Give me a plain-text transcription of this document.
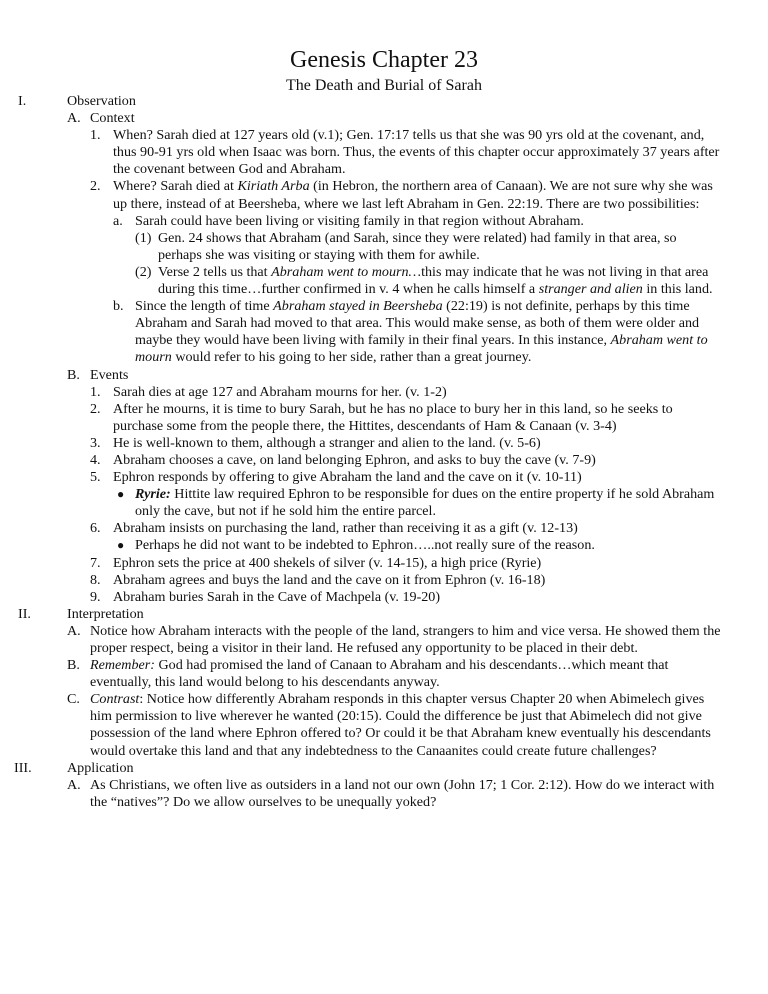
Genesis Chapter 23
The Death and Burial of Sarah
I.	Observation
A. Context
1. When? Sarah died at 127 years old (v.1); Gen. 17:17 tells us that she was 90 yrs old at the covenant, and, thus 90-91 yrs old when Isaac was born. Thus, the events of this chapter occur approximately 37 years after the covenant between God and Abraham.
2. Where? Sarah died at Kiriath Arba (in Hebron, the northern area of Canaan). We are not sure why she was up there, instead of at Beersheba, where we last left Abraham in Gen. 22:19. There are two possibilities:
a. Sarah could have been living or visiting family in that region without Abraham.
(1) Gen. 24 shows that Abraham (and Sarah, since they were related) had family in that area, so perhaps she was visiting or staying with them for awhile.
(2) Verse 2 tells us that Abraham went to mourn…this may indicate that he was not living in that area during this time…further confirmed in v. 4 when he calls himself a stranger and alien in this land.
b. Since the length of time Abraham stayed in Beersheba (22:19) is not definite, perhaps by this time Abraham and Sarah had moved to that area. This would make sense, as both of them were older and maybe they would have been living with family in their final years. In this instance, Abraham went to mourn would refer to his going to her side, rather than a great journey.
B. Events
1. Sarah dies at age 127 and Abraham mourns for her. (v. 1-2)
2. After he mourns, it is time to bury Sarah, but he has no place to bury her in this land, so he seeks to purchase some from the people there, the Hittites, descendants of Ham & Canaan (v. 3-4)
3. He is well-known to them, although a stranger and alien to the land. (v. 5-6)
4. Abraham chooses a cave, on land belonging Ephron, and asks to buy the cave (v. 7-9)
5. Ephron responds by offering to give Abraham the land and the cave on it (v. 10-11)
● Ryrie: Hittite law required Ephron to be responsible for dues on the entire property if he sold Abraham only the cave, but not if he sold him the entire parcel.
6. Abraham insists on purchasing the land, rather than receiving it as a gift (v. 12-13)
● Perhaps he did not want to be indebted to Ephron…..not really sure of the reason.
7. Ephron sets the price at 400 shekels of silver (v. 14-15), a high price (Ryrie)
8. Abraham agrees and buys the land and the cave on it from Ephron (v. 16-18)
9. Abraham buries Sarah in the Cave of Machpela (v. 19-20)
II.	Interpretation
A. Notice how Abraham interacts with the people of the land, strangers to him and vice versa. He showed them the proper respect, being a visitor in their land. He refused any opportunity to be placed in their debt.
B. Remember: God had promised the land of Canaan to Abraham and his descendants…which meant that eventually, this land would belong to his descendants anyway.
C. Contrast: Notice how differently Abraham responds in this chapter versus Chapter 20 when Abimelech gives him permission to live wherever he wanted (20:15). Could the difference be just that Abimelech did not give possession of the land where Ephron offered to? Or could it be that Abraham knew eventually his descendants would overtake this land and that any indebtedness to the Canaanites could create future challenges?
III.	Application
A. As Christians, we often live as outsiders in a land not our own (John 17; 1 Cor. 2:12). How do we interact with the “natives”? Do we allow ourselves to be unequally yoked?
